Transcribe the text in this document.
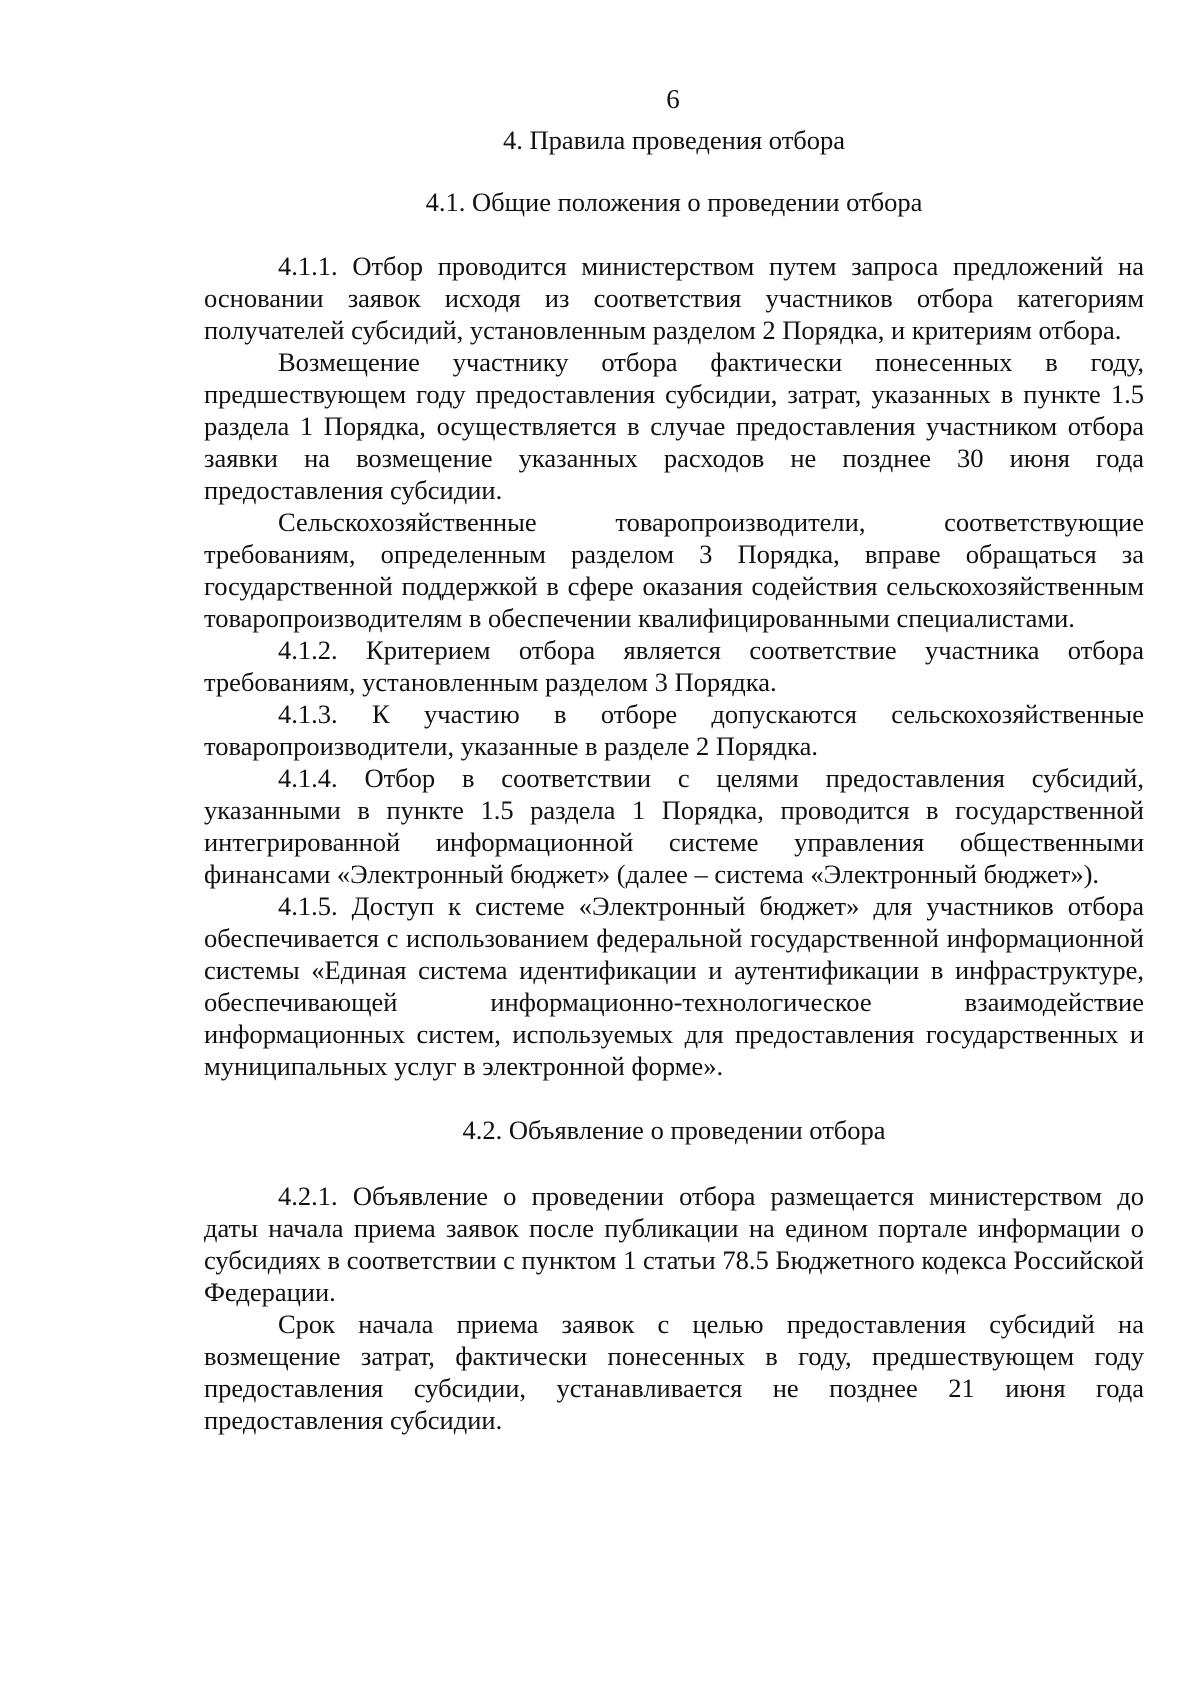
6
4. Правила проведения отбора
4.1. Общие положения о проведении отбора

4.1.1. Отбор проводится министерством путем запроса предложений на основании заявок исходя из соответствия участников отбора категориям получателей субсидий, установленным разделом 2 Порядка, и критериям отбора.

Возмещение участнику отбора фактически понесенных в году, предшествующем году предоставления субсидии, затрат, указанных в пункте 1.5 раздела 1 Порядка, осуществляется в случае предоставления участником отбора заявки на возмещение указанных расходов не позднее 30 июня года предоставления субсидии.

Сельскохозяйственные товаропроизводители, соответствующие требованиям, определенным разделом 3 Порядка, вправе обращаться за государственной поддержкой в сфере оказания содействия сельскохозяйственным товаропроизводителям в обеспечении квалифицированными специалистами.

4.1.2. Критерием отбора является соответствие участника отбора требованиям, установленным разделом 3 Порядка.

4.1.3. К участию в отборе допускаются сельскохозяйственные товаропроизводители, указанные в разделе 2 Порядка.

4.1.4. Отбор в соответствии с целями предоставления субсидий, указанными в пункте 1.5 раздела 1 Порядка, проводится в государственной интегрированной информационной системе управления общественными финансами «Электронный бюджет» (далее – система «Электронный бюджет»).

4.1.5. Доступ к системе «Электронный бюджет» для участников отбора обеспечивается с использованием федеральной государственной информационной системы «Единая система идентификации и аутентификации в инфраструктуре, обеспечивающей информационно-технологическое взаимодействие информационных систем, используемых для предоставления государственных и муниципальных услуг в электронной форме».

4.2. Объявление о проведении отбора

4.2.1. Объявление о проведении отбора размещается министерством до даты начала приема заявок после публикации на едином портале информации о субсидиях в соответствии с пунктом 1 статьи 78.5 Бюджетного кодекса Российской Федерации.

Срок начала приема заявок с целью предоставления субсидий на возмещение затрат, фактически понесенных в году, предшествующем году предоставления субсидии, устанавливается не позднее 21 июня года предоставления субсидии.
